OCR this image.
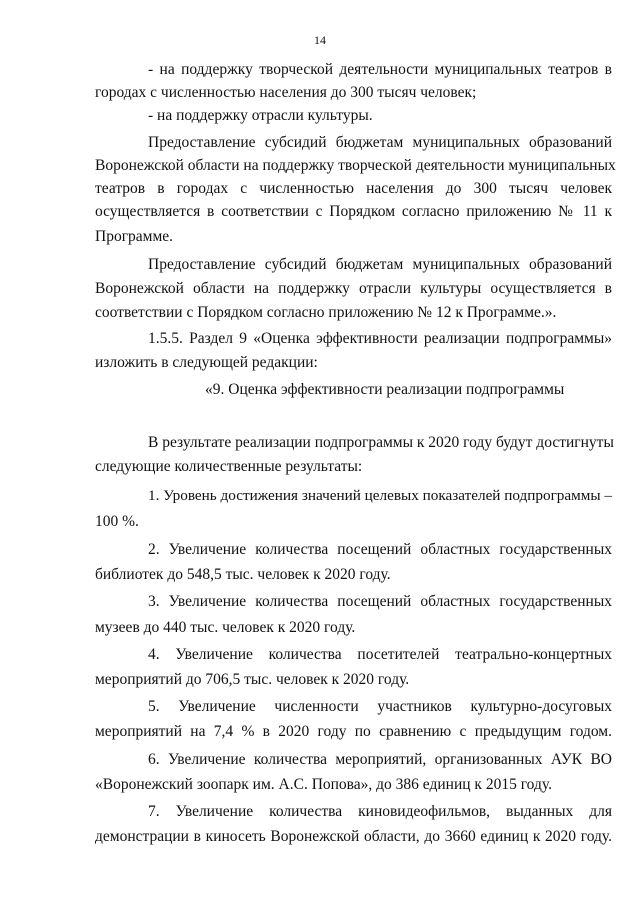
14
- на поддержку творческой деятельности муниципальных театров в
городах с численностью населения до 300 тысяч человек;
- на поддержку отрасли культуры.
Предоставление субсидий бюджетам муниципальных образований
Воронежской области на поддержку творческой деятельности муниципальных
театров в городах с численностью населения до 300 тысяч человек
осуществляется в соответствии с Порядком согласно приложению № 11 к
Программе.
Предоставление субсидий бюджетам муниципальных образований
Воронежской области на поддержку отрасли культуры осуществляется в
соответствии с Порядком согласно приложению № 12 к Программе.».
1.5.5. Раздел 9 «Оценка эффективности реализации подпрограммы»
изложить в следующей редакции:
«9. Оценка эффективности реализации подпрограммы
В результате реализации подпрограммы к 2020 году будут достигнуты
следующие количественные результаты:
1. Уровень достижения значений целевых показателей подпрограммы –
100 %.
2. Увеличение количества посещений областных государственных
библиотек до 548,5 тыс. человек к 2020 году.
3. Увеличение количества посещений областных государственных
музеев до 440 тыс. человек к 2020 году.
4. Увеличение количества посетителей театрально-концертных
мероприятий до 706,5 тыс. человек к 2020 году.
5. Увеличение численности участников культурно-досуговых
мероприятий на 7,4 % в 2020 году по сравнению с предыдущим годом.
6. Увеличение количества мероприятий, организованных АУК ВО
«Воронежский зоопарк им. А.С. Попова», до 386 единиц к 2015 году.
7. Увеличение количества киновидеофильмов, выданных для
демонстрации в киносеть Воронежской области, до 3660 единиц к 2020 году.
